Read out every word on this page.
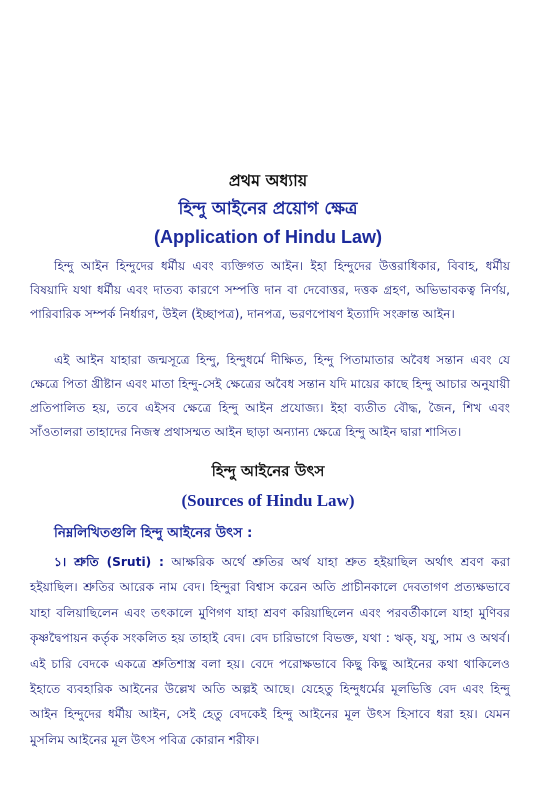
প্রথম অধ্যায়
হিন্দু আইনের প্রয়োগ ক্ষেত্র
(Application of Hindu Law)

হিন্দু আইন হিন্দুদের ধর্মীয় এবং ব্যক্তিগত আইন। ইহা হিন্দুদের উত্তরাধিকার, বিবাহ, ধর্মীয় বিষয়াদি যথা ধর্মীয় এবং দাতব্য কারণে সম্পত্তি দান বা দেবোত্তর, দত্তক গ্রহণ, অভিভাবকত্ব নির্ণয়, পারিবারিক সম্পর্ক নির্ধারণ, উইল (ইচ্ছাপত্র), দানপত্র, ভরণপোষণ ইত্যাদি সংক্রান্ত আইন।

এই আইন যাহারা জন্মসূত্রে হিন্দু, হিন্দুধর্মে দীক্ষিত, হিন্দু পিতামাতার অবৈধ সন্তান এবং যে ক্ষেত্রে পিতা খ্রীষ্টান এবং মাতা হিন্দু-সেই ক্ষেত্রের অবৈধ সন্তান যদি মায়ের কাছে হিন্দু আচার অনুযায়ী প্রতিপালিত হয়, তবে এইসব ক্ষেত্রে হিন্দু আইন প্রযোজ্য। ইহা ব্যতীত বৌদ্ধ, জৈন, শিখ এবং সাঁওতালরা তাহাদের নিজস্ব প্রথাসম্মত আইন ছাড়া অন্যান্য ক্ষেত্রে হিন্দু আইন দ্বারা শাসিত।

হিন্দু আইনের উৎস
(Sources of Hindu Law)
নিম্নলিখিতগুলি হিন্দু আইনের উৎস :

১। শ্রুতি (Sruti) : আক্ষরিক অর্থে শ্রুতির অর্থ যাহা শ্রুত হইয়াছিল অর্থাৎ শ্রবণ করা হইয়াছিল। শ্রুতির আরেক নাম বেদ। হিন্দুরা বিশ্বাস করেন অতি প্রাচীনকালে দেবতাগণ প্রত্যক্ষভাবে যাহা বলিয়াছিলেন এবং তৎকালে মুণিগণ যাহা শ্রবণ করিয়াছিলেন এবং পরবর্তীকালে যাহা মুণিবর কৃষ্ণদ্বৈপায়ন কর্তৃক সংকলিত হয় তাহাই বেদ। বেদ চারিভাগে বিভক্ত, যথা : ঋক্, যযু, সাম ও অথর্ব। এই চারি বেদকে একত্রে শ্রুতিশাস্ত্র বলা হয়। বেদে পরোক্ষভাবে কিছু কিছু আইনের কথা থাকিলেও ইহাতে ব্যবহারিক আইনের উল্লেখ অতি অল্পই আছে। যেহেতু হিন্দুধর্মের মূলভিত্তি বেদ এবং হিন্দু আইন হিন্দুদের ধর্মীয় আইন, সেই হেতু বেদকেই হিন্দু আইনের মূল উৎস হিসাবে ধরা হয়। যেমন মুসলিম আইনের মূল উৎস পবিত্র কোরান শরীফ।
